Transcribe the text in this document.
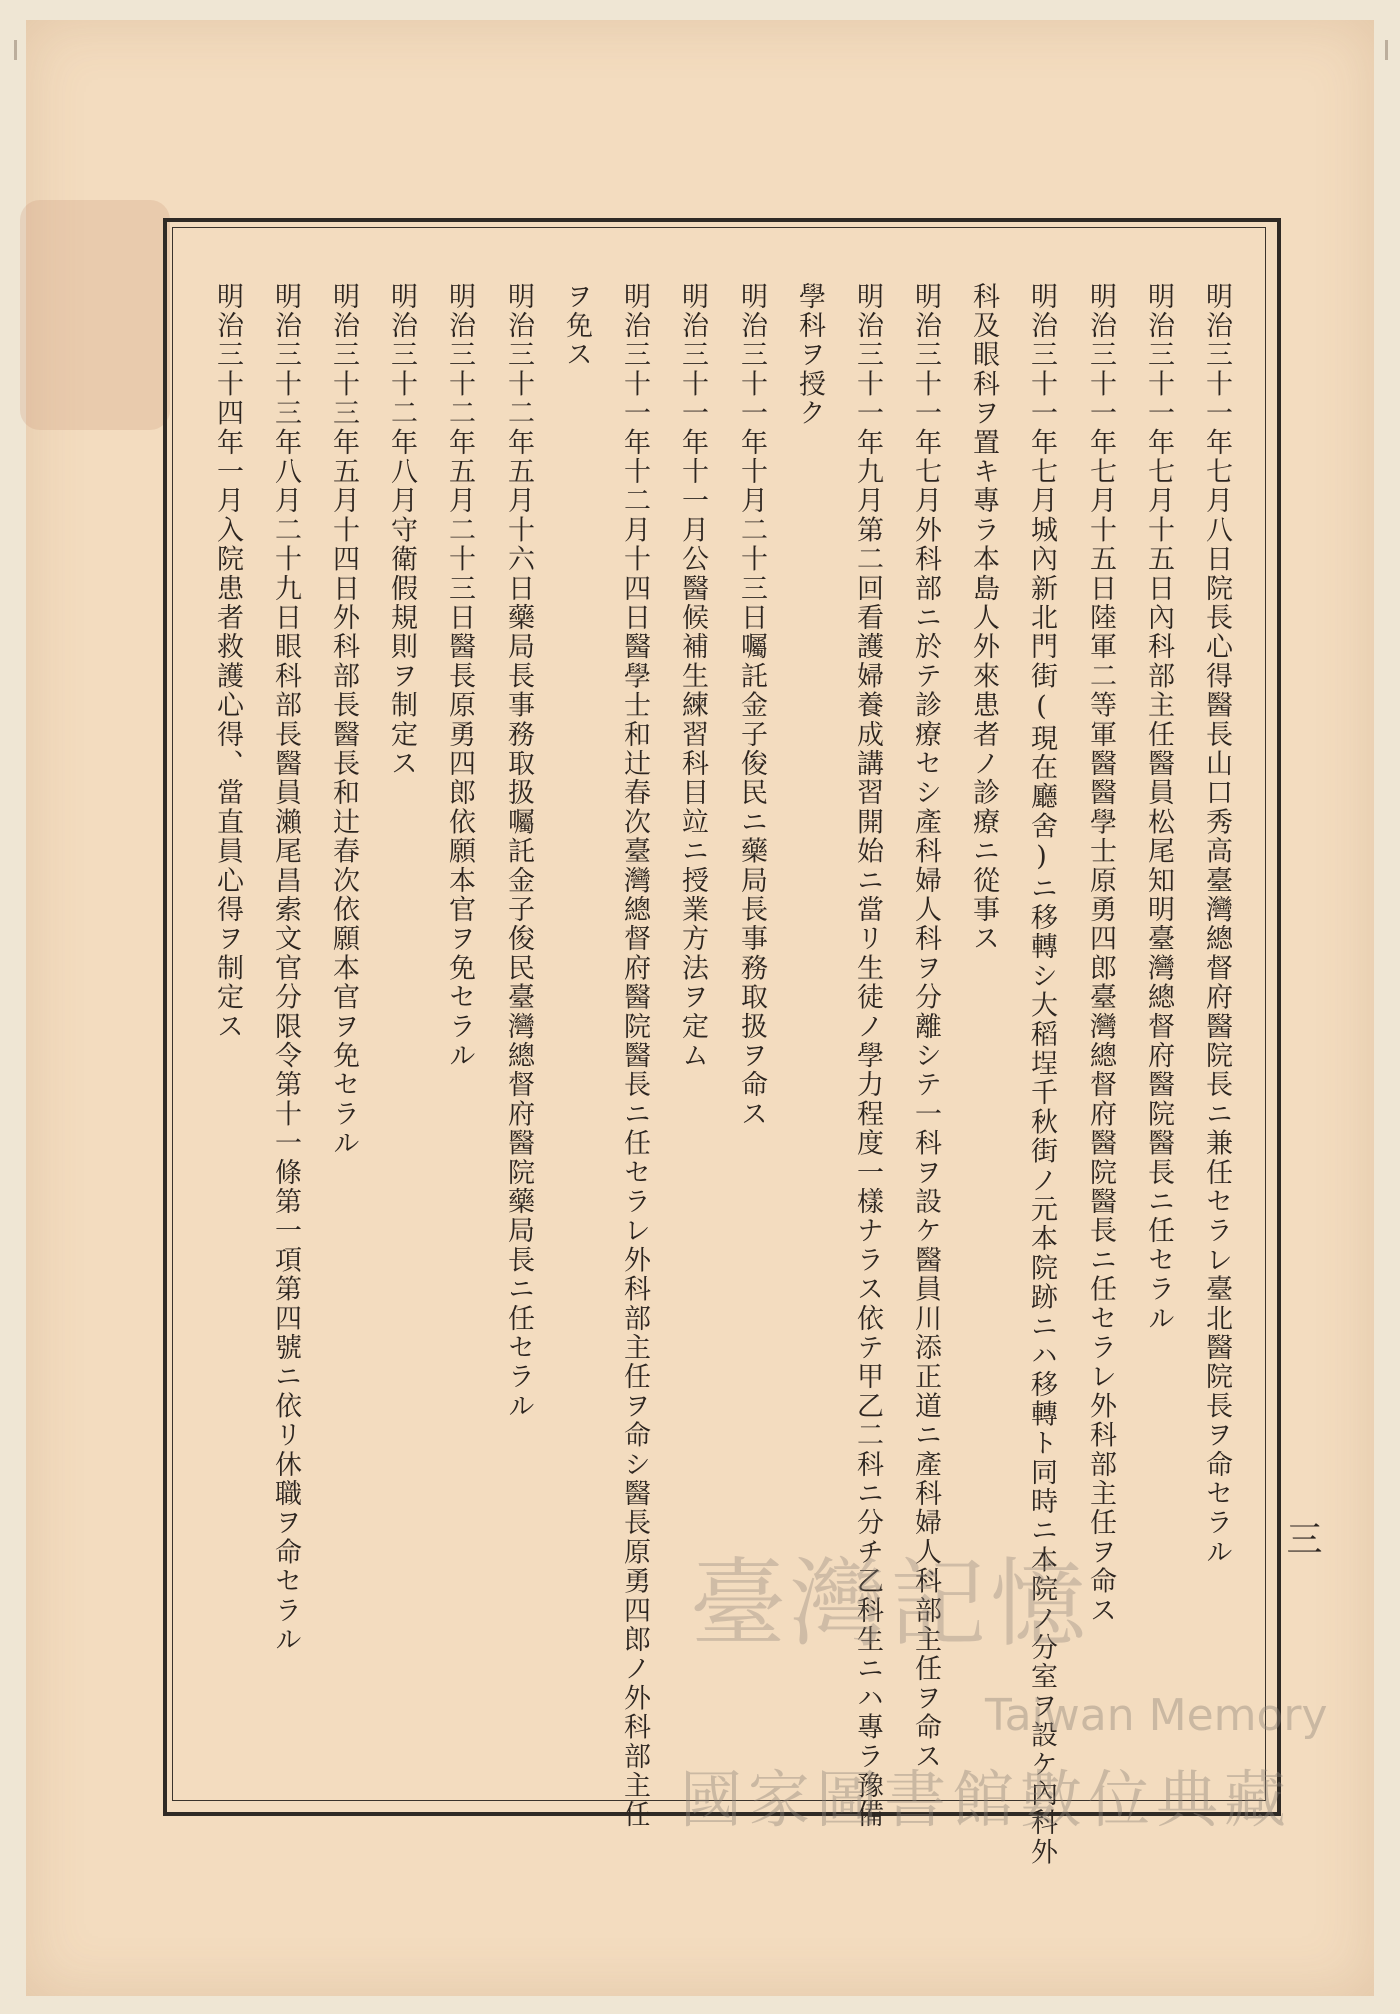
三
明治三十一年七月八日院長心得醫長山口秀高臺灣總督府醫院長ニ兼任セラレ臺北醫院長ヲ命セラル
明治三十一年七月十五日內科部主任醫員松尾知明臺灣總督府醫院醫長ニ任セラル
明治三十一年七月十五日陸軍二等軍醫醫學士原勇四郎臺灣總督府醫院醫長ニ任セラレ外科部主任ヲ命ス
明治三十一年七月城內新北門街(現在廳舍)ニ移轉シ大稻埕千秋街ノ元本院跡ニハ移轉ト同時ニ本院ノ分室ヲ設ケ內科外
科及眼科ヲ置キ專ラ本島人外來患者ノ診療ニ從事ス
明治三十一年七月外科部ニ於テ診療セシ產科婦人科ヲ分離シテ一科ヲ設ケ醫員川添正道ニ產科婦人科部主任ヲ命ス
明治三十一年九月第二回看護婦養成講習開始ニ當リ生徒ノ學力程度一樣ナラス依テ甲乙二科ニ分チ乙科生ニハ專ラ豫備
學科ヲ授ク
明治三十一年十月二十三日囑託金子俊民ニ藥局長事務取扱ヲ命ス
明治三十一年十一月公醫候補生練習科目竝ニ授業方法ヲ定ム
明治三十一年十二月十四日醫學士和辻春次臺灣總督府醫院醫長ニ任セラレ外科部主任ヲ命シ醫長原勇四郎ノ外科部主任
ヲ免ス
明治三十二年五月十六日藥局長事務取扱囑託金子俊民臺灣總督府醫院藥局長ニ任セラル
明治三十二年五月二十三日醫長原勇四郎依願本官ヲ免セラル
明治三十二年八月守衛假規則ヲ制定ス
明治三十三年五月十四日外科部長醫長和辻春次依願本官ヲ免セラル
明治三十三年八月二十九日眼科部長醫員瀨尾昌索文官分限令第十一條第一項第四號ニ依リ休職ヲ命セラル
明治三十四年一月入院患者救護心得、當直員心得ヲ制定ス
臺灣記憶
Taiwan Memory
國家圖書館數位典藏
